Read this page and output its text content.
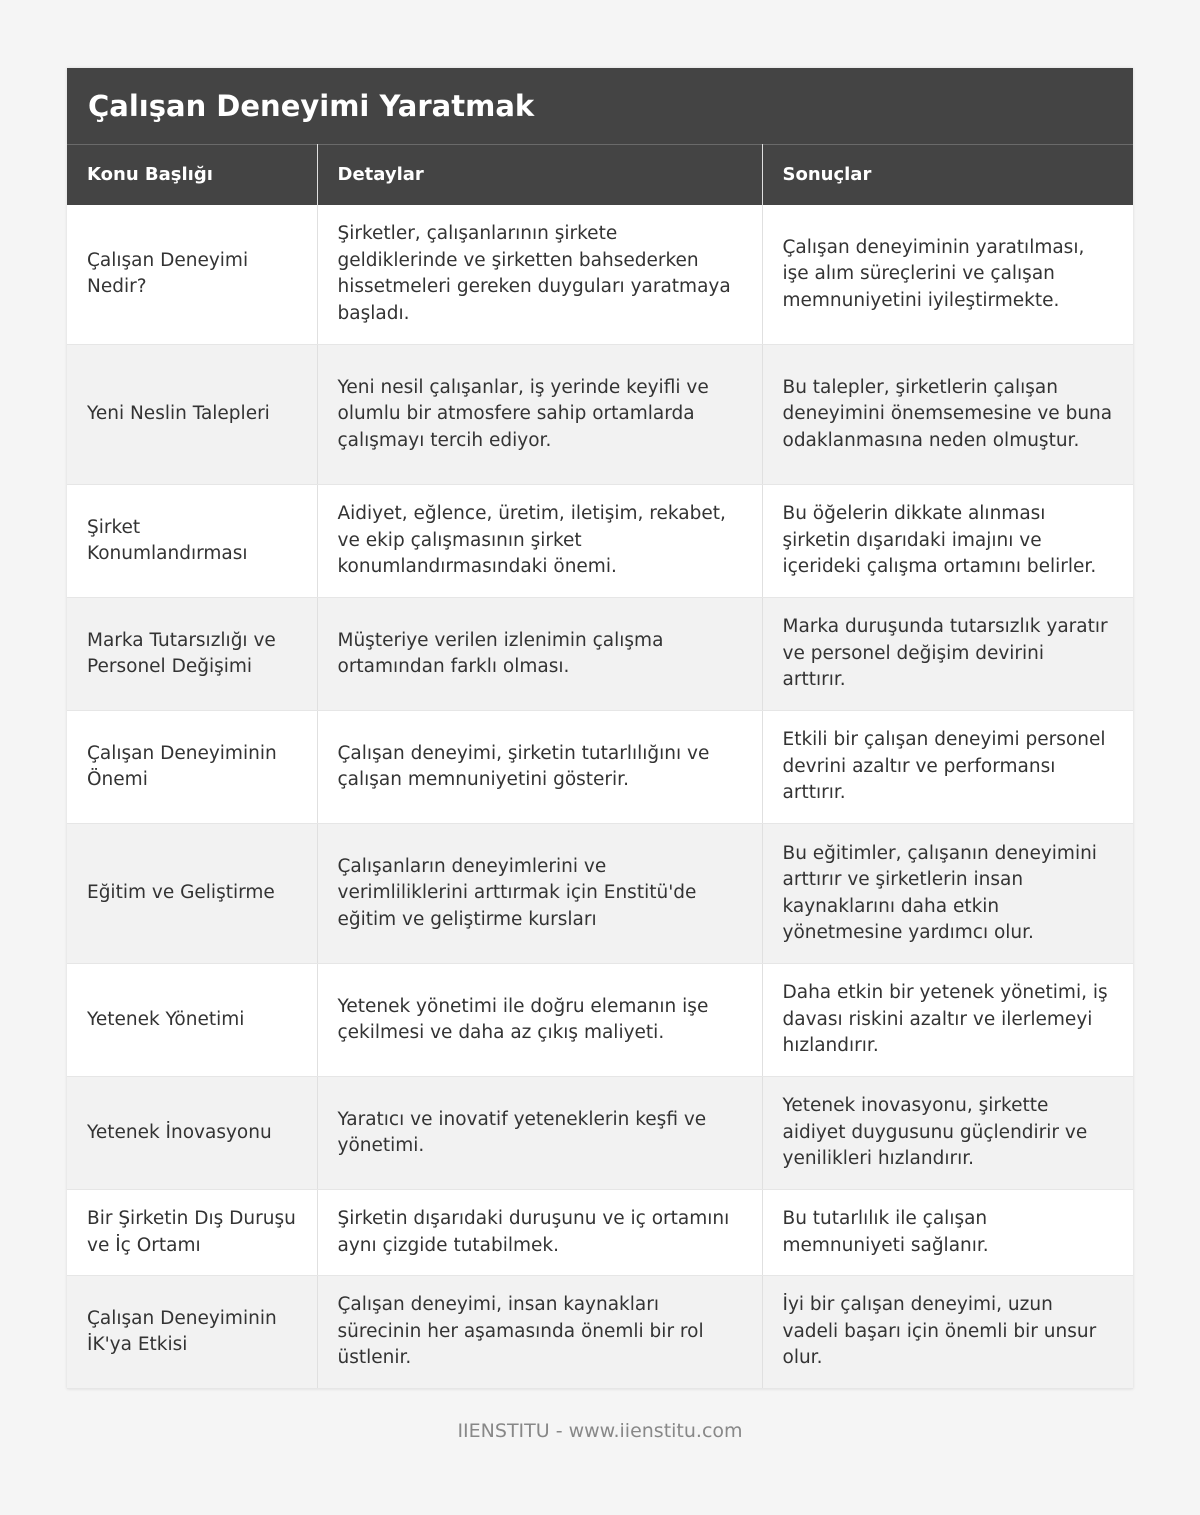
Çalışan Deneyimi Yaratmak
Konu Başlığı	Detaylar	Sonuçlar
Çalışan Deneyimi Nedir?	Şirketler, çalışanlarının şirkete geldiklerinde ve şirketten bahsederken hissetmeleri gereken duyguları yaratmaya başladı.	Çalışan deneyiminin yaratılması, işe alım süreçlerini ve çalışan memnuniyetini iyileştirmekte.
Yeni Neslin Talepleri	Yeni nesil çalışanlar, iş yerinde keyifli ve olumlu bir atmosfere sahip ortamlarda çalışmayı tercih ediyor.	Bu talepler, şirketlerin çalışan deneyimini önemsemesine ve buna odaklanmasına neden olmuştur.
Şirket Konumlandırması	Aidiyet, eğlence, üretim, iletişim, rekabet, ve ekip çalışmasının şirket konumlandırmasındaki önemi.	Bu öğelerin dikkate alınması şirketin dışarıdaki imajını ve içerideki çalışma ortamını belirler.
Marka Tutarsızlığı ve Personel Değişimi	Müşteriye verilen izlenimin çalışma ortamından farklı olması.	Marka duruşunda tutarsızlık yaratır ve personel değişim devirini arttırır.
Çalışan Deneyiminin Önemi	Çalışan deneyimi, şirketin tutarlılığını ve çalışan memnuniyetini gösterir.	Etkili bir çalışan deneyimi personel devrini azaltır ve performansı arttırır.
Eğitim ve Geliştirme	Çalışanların deneyimlerini ve verimliliklerini arttırmak için Enstitü'de eğitim ve geliştirme kursları	Bu eğitimler, çalışanın deneyimini arttırır ve şirketlerin insan kaynaklarını daha etkin yönetmesine yardımcı olur.
Yetenek Yönetimi	Yetenek yönetimi ile doğru elemanın işe çekilmesi ve daha az çıkış maliyeti.	Daha etkin bir yetenek yönetimi, iş davası riskini azaltır ve ilerlemeyi hızlandırır.
Yetenek İnovasyonu	Yaratıcı ve inovatif yeteneklerin keşfi ve yönetimi.	Yetenek inovasyonu, şirkette aidiyet duygusunu güçlendirir ve yenilikleri hızlandırır.
Bir Şirketin Dış Duruşu ve İç Ortamı	Şirketin dışarıdaki duruşunu ve iç ortamını aynı çizgide tutabilmek.	Bu tutarlılık ile çalışan memnuniyeti sağlanır.
Çalışan Deneyiminin İK'ya Etkisi	Çalışan deneyimi, insan kaynakları sürecinin her aşamasında önemli bir rol üstlenir.	İyi bir çalışan deneyimi, uzun vadeli başarı için önemli bir unsur olur.
IIENSTITU - www.iienstitu.com
